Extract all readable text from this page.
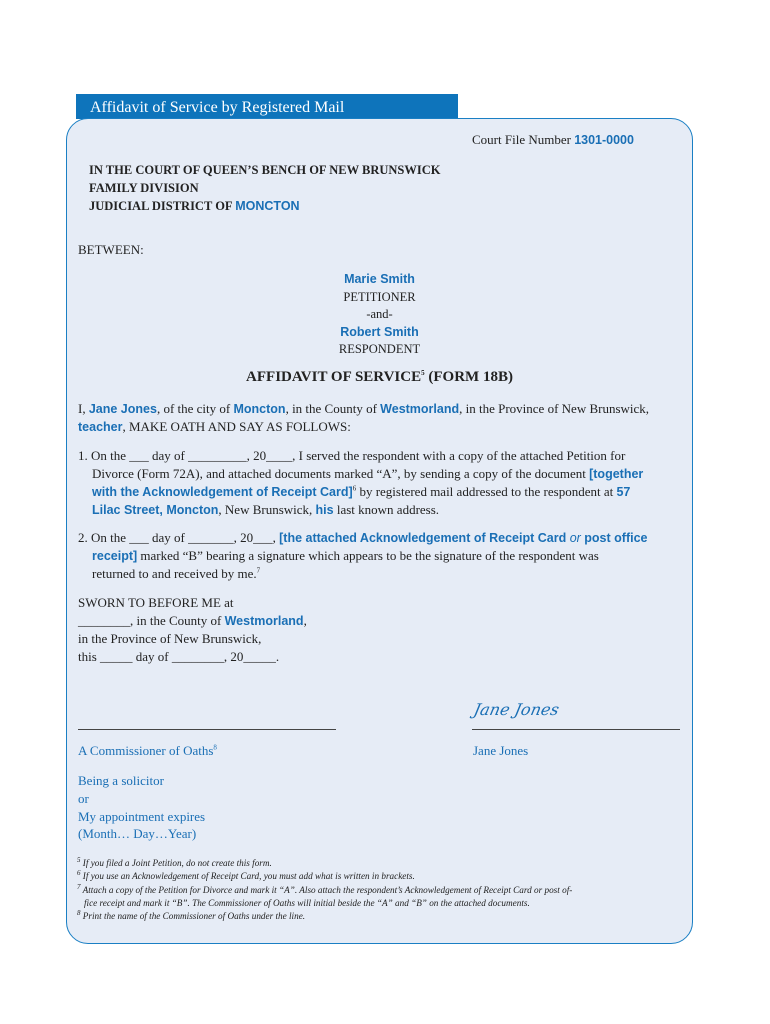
Affidavit of Service by Registered Mail
Court File Number 1301-0000
IN THE COURT OF QUEEN’S BENCH OF NEW BRUNSWICK
FAMILY DIVISION
JUDICIAL DISTRICT OF MONCTON
BETWEEN:
Marie Smith
PETITIONER
-and-
Robert Smith
RESPONDENT
AFFIDAVIT OF SERVICE$^5$ (FORM 18B)
I, Jane Jones, of the city of Moncton, in the County of Westmorland, in the Province of New Brunswick,
teacher, MAKE OATH AND SAY AS FOLLOWS:
1. On the ___ day of _________, 20____, I served the respondent with a copy of the attached Petition for
Divorce (Form 72A), and attached documents marked “A”, by sending a copy of the document [together
with the Acknowledgement of Receipt Card]$^6$ by registered mail addressed to the respondent at 57
Lilac Street, Moncton, New Brunswick, his last known address.
2. On the ___ day of _______, 20___, [the attached Acknowledgement of Receipt Card or post office
receipt] marked “B” bearing a signature which appears to be the signature of the respondent was
returned to and received by me.$^7$
SWORN TO BEFORE ME at
________, in the County of Westmorland,
in the Province of New Brunswick,
this _____ day of ________, 20_____.
Jane Jones
A Commissioner of Oaths$^8$	Jane Jones
Being a solicitor
or
My appointment expires
(Month… Day…Year)
$^5$ If you filed a Joint Petition, do not create this form.
$^6$ If you use an Acknowledgement of Receipt Card, you must add what is written in brackets.
$^7$ Attach a copy of the Petition for Divorce and mark it “A”. Also attach the respondent’s Acknowledgement of Receipt Card or post of-
fice receipt and mark it “B”. The Commissioner of Oaths will initial beside the “A” and “B” on the attached documents.
$^8$ Print the name of the Commissioner of Oaths under the line.
